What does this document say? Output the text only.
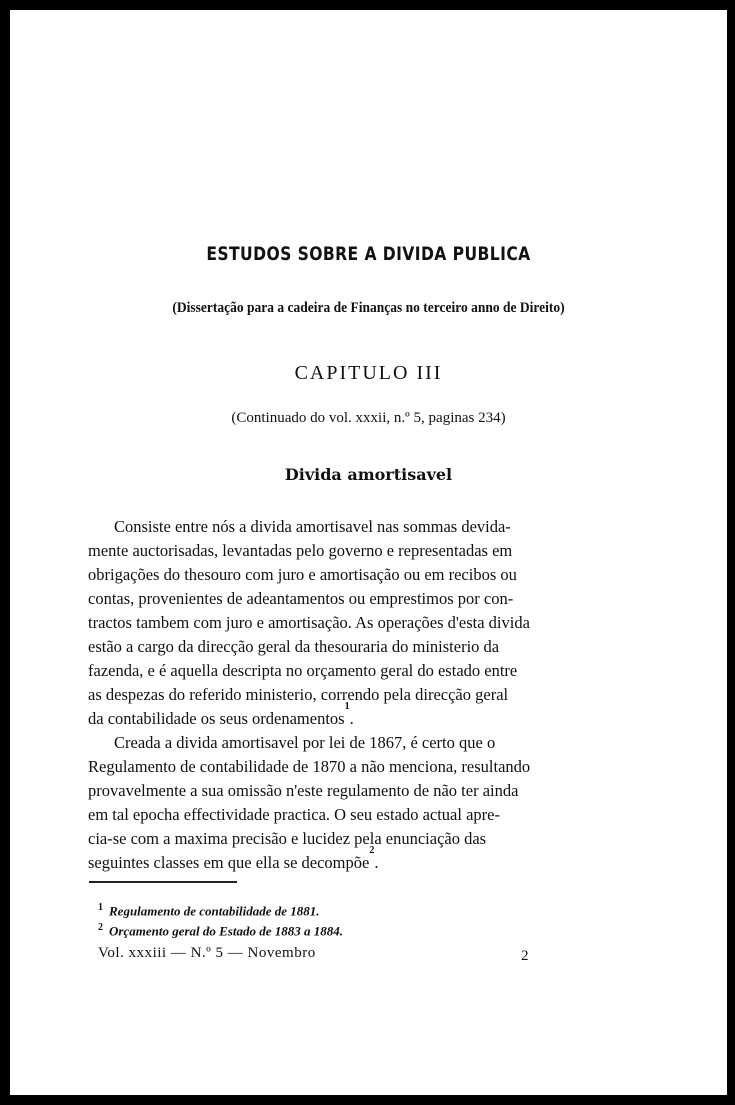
ESTUDOS SOBRE A DIVIDA PUBLICA
(Dissertação para a cadeira de Finanças no terceiro anno de Direito)
CAPITULO III
(Continuado do vol. xxxii, n.º 5, paginas 234)
Divida amortisavel
Consiste entre nós a divida amortisavel nas sommas devida-
mente auctorisadas, levantadas pelo governo e representadas em
obrigações do thesouro com juro e amortisação ou em recibos ou
contas, provenientes de adeantamentos ou emprestimos por con-
tractos tambem com juro e amortisação. As operações d'esta divida
estão a cargo da direcção geral da thesouraria do ministerio da
fazenda, e é aquella descripta no orçamento geral do estado entre
as despezas do referido ministerio, correndo pela direcção geral
da contabilidade os seus ordenamentos
1
.
Creada a divida amortisavel por lei de 1867, é certo que o
Regulamento de contabilidade de 1870 a não menciona, resultando
provavelmente a sua omissão n'este regulamento de não ter ainda
em tal epocha effectividade practica. O seu estado actual apre-
cia-se com a maxima precisão e lucidez pela enunciação das
seguintes classes em que ella se decompõe
2
.
$^1$ Regulamento de contabilidade de 1881.
$^2$ Orçamento geral do Estado de 1883 a 1884.
Vol. xxxiii — N.º 5 — Novembro	2
